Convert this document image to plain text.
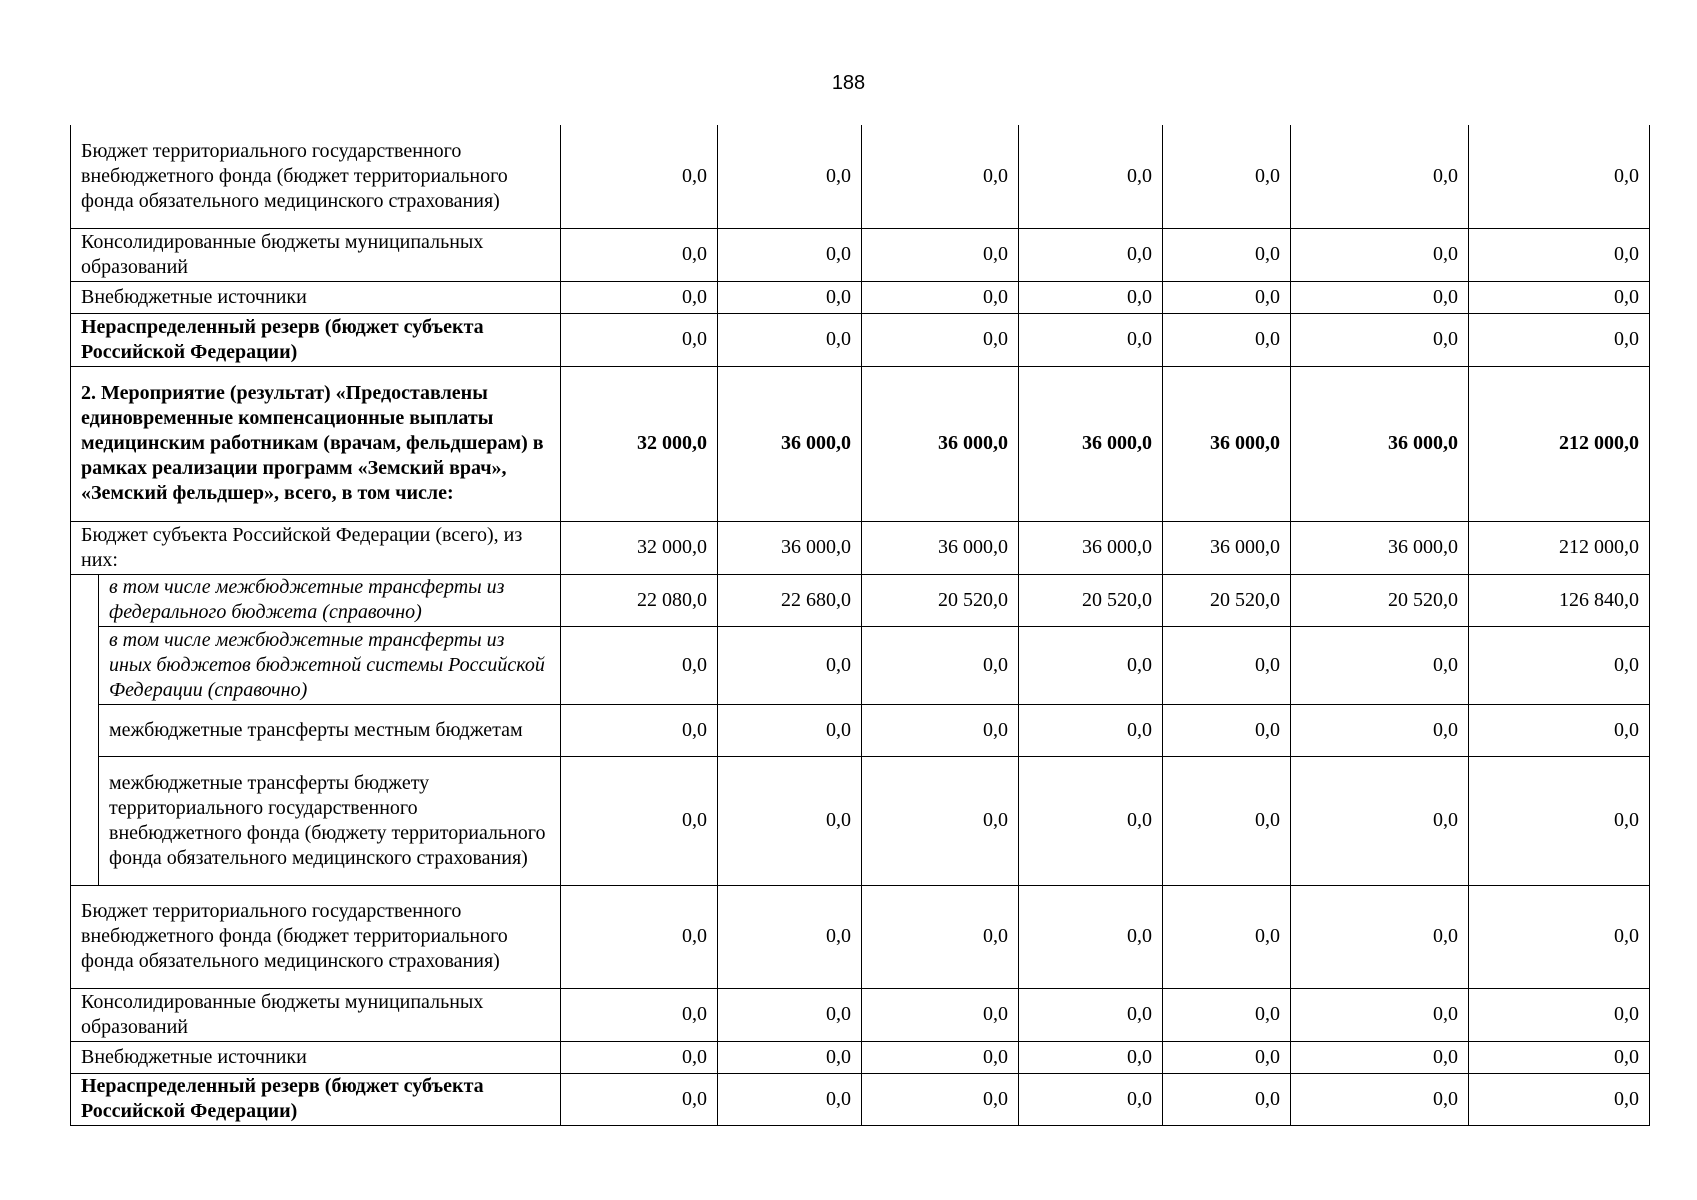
188
Бюджет территориального государственного внебюджетного фонда (бюджет территориального фонда обязательного медицинского страхования)		0,0	0,0	0,0	0,0	0,0	0,0	0,0
Консолидированные бюджеты муниципальных образований		0,0	0,0	0,0	0,0	0,0	0,0	0,0
Внебюджетные источники		0,0	0,0	0,0	0,0	0,0	0,0	0,0
Нераспределенный резерв (бюджет субъекта Российской Федерации)		0,0	0,0	0,0	0,0	0,0	0,0	0,0
2. Мероприятие (результат) «Предоставлены единовременные компенсационные выплаты медицинским работникам (врачам, фельдшерам) в рамках реализации программ «Земский врач», «Земский фельдшер», всего, в том числе:		32 000,0	36 000,0	36 000,0	36 000,0	36 000,0	36 000,0	212 000,0
Бюджет субъекта Российской Федерации (всего), из них:		32 000,0	36 000,0	36 000,0	36 000,0	36 000,0	36 000,0	212 000,0
	в том числе межбюджетные трансферты из федерального бюджета (справочно)	22 080,0	22 680,0	20 520,0	20 520,0	20 520,0	20 520,0	126 840,0
	в том числе межбюджетные трансферты из иных бюджетов бюджетной системы Российской Федерации (справочно)	0,0	0,0	0,0	0,0	0,0	0,0	0,0
	межбюджетные трансферты местным бюджетам	0,0	0,0	0,0	0,0	0,0	0,0	0,0
	межбюджетные трансферты бюджету территориального государственного внебюджетного фонда (бюджету территориального фонда обязательного медицинского страхования)	0,0	0,0	0,0	0,0	0,0	0,0	0,0
Бюджет территориального государственного внебюджетного фонда (бюджет территориального фонда обязательного медицинского страхования)		0,0	0,0	0,0	0,0	0,0	0,0	0,0
Консолидированные бюджеты муниципальных образований		0,0	0,0	0,0	0,0	0,0	0,0	0,0
Внебюджетные источники		0,0	0,0	0,0	0,0	0,0	0,0	0,0
Нераспределенный резерв (бюджет субъекта Российской Федерации)		0,0	0,0	0,0	0,0	0,0	0,0	0,0
